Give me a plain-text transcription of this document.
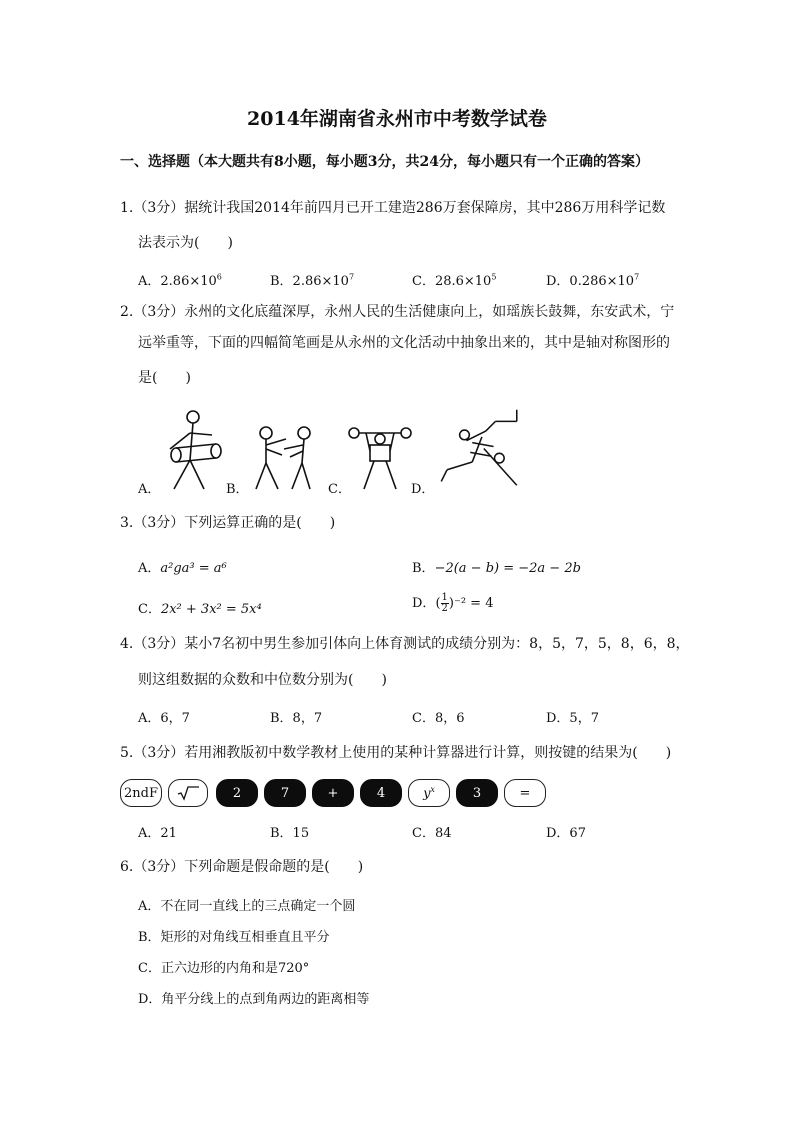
2014年湖南省永州市中考数学试卷
一、选择题（本大题共有8小题，每小题3分，共24分，每小题只有一个正确的答案）
1.（3分）据统计我国2014年前四月已开工建造286万套保障房，其中286万用科学记数
法表示为(　　)
A．$2.86\times 10^6$	B．$2.86\times 10^7$	C．$28.6\times 10^5$	D．$0.286\times 10^7$
2.（3分）永州的文化底蕴深厚，永州人民的生活健康向上，如瑶族长鼓舞，东安武术，宁
远举重等，下面的四幅简笔画是从永州的文化活动中抽象出来的，其中是轴对称图形的
是(　　)
A．	B．	C．	D．
3.（3分）下列运算正确的是(　　)
A．a²ga³ = a⁶	B．−2(a − b) = −2a − 2b
C．2x² + 3x² = 5x⁴	D．( $\frac{1}{2} )^{-2} = 4$
4.（3分）某小7名初中男生参加引体向上体育测试的成绩分别为：8，5，7，5，8，6，8，
则这组数据的众数和中位数分别为(　　)
A．6，7	B．8，7	C．8，6	D．5，7
5.（3分）若用湘教版初中数学教材上使用的某种计算器进行计算，则按键的结果为(　　)
2ndF	2	7	+	4	$y^x$	3	=
A．21	B．15	C．84	D．67
6.（3分）下列命题是假命题的是(　　)
A．不在同一直线上的三点确定一个圆
B．矩形的对角线互相垂直且平分
C．正六边形的内角和是720°
D．角平分线上的点到角两边的距离相等
